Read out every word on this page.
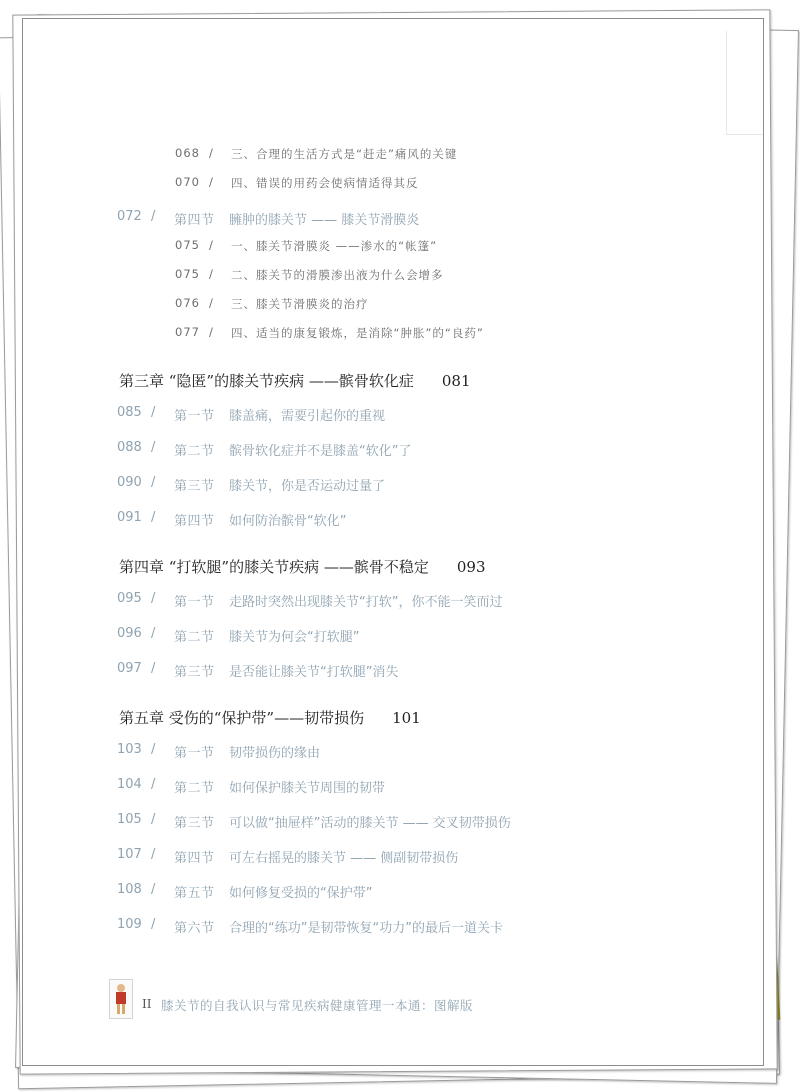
068 / 三、合理的生活方式是“赶走”痛风的关键
070 / 四、错误的用药会使病情适得其反
072 / 第四节 臃肿的膝关节 —— 膝关节滑膜炎
075 / 一、膝关节滑膜炎 ——渗水的“帐篷”
075 / 二、膝关节的滑膜渗出液为什么会增多
076 / 三、膝关节滑膜炎的治疗
077 / 四、适当的康复锻炼，是消除“肿胀”的“良药”
第三章 “隐匿”的膝关节疾病 ——髌骨软化症 081
085 / 第一节 膝盖痛，需要引起你的重视
088 / 第二节 髌骨软化症并不是膝盖“软化”了
090 / 第三节 膝关节，你是否运动过量了
091 / 第四节 如何防治髌骨“软化”
第四章 “打软腿”的膝关节疾病 ——髌骨不稳定 093
095 / 第一节 走路时突然出现膝关节“打软”，你不能一笑而过
096 / 第二节 膝关节为何会“打软腿”
097 / 第三节 是否能让膝关节“打软腿”消失
第五章 受伤的“保护带”——韧带损伤 101
103 / 第一节 韧带损伤的缘由
104 / 第二节 如何保护膝关节周围的韧带
105 / 第三节 可以做“抽屉样”活动的膝关节 —— 交叉韧带损伤
107 / 第四节 可左右摇晃的膝关节 —— 侧副韧带损伤
108 / 第五节 如何修复受损的“保护带”
109 / 第六节 合理的“练功”是韧带恢复“功力”的最后一道关卡
II 膝关节的自我认识与常见疾病健康管理一本通：图解版
